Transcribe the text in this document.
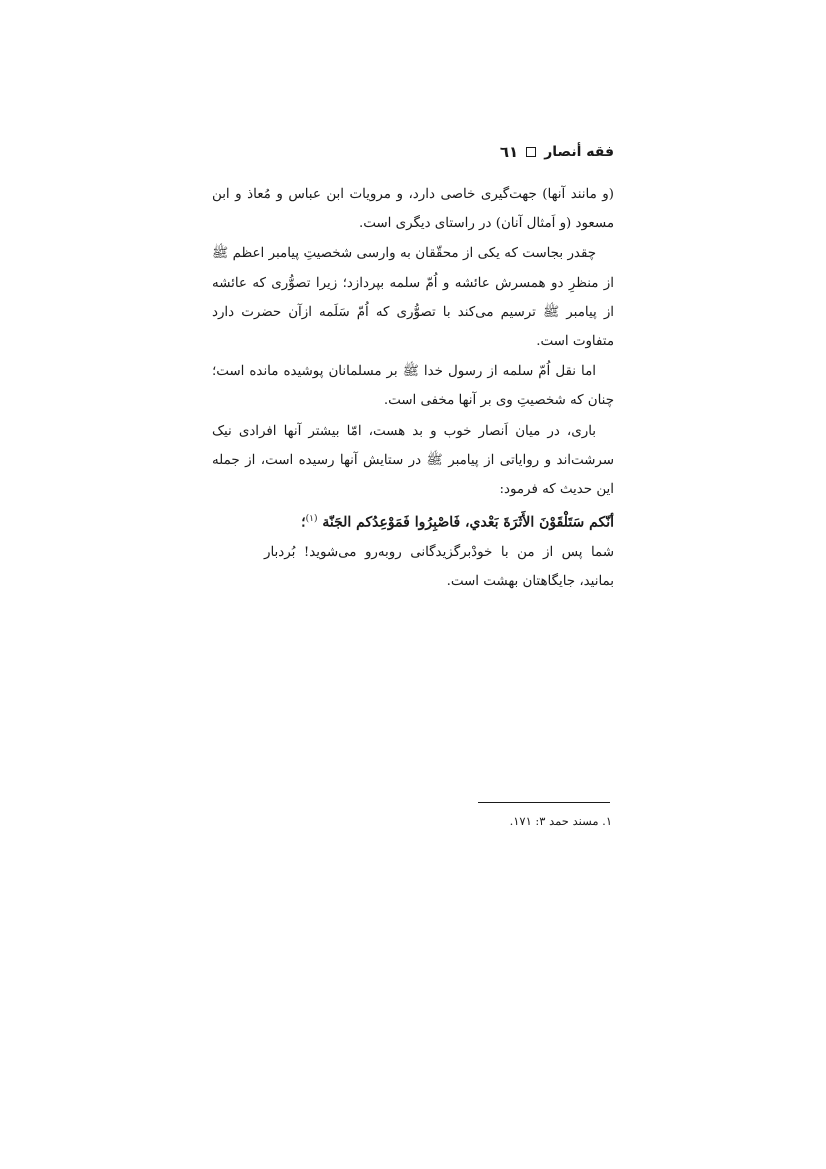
فقه أنصار
٦١

(و مانند آنها) جهت‌گیری خاصی دارد، و مرویات ابن عباس و مُعاذ و ابن مسعود (و اَمثال آنان) در راستای دیگری است.

چقدر بجاست که یکی از محقّقان به وارسی شخصیتِ پیامبر اعظم ﷺ از منظرِ دو همسرش عائشه و اُمّ سلمه بپردازد؛ زیرا تصوُّری که عائشه از پیامبر ﷺ ترسیم می‌کند با تصوُّری که اُمّ سَلَمه ازآن حضرت دارد متفاوت است.

اما نقل اُمّ سلمه از رسول خدا ﷺ بر مسلمانان پوشیده مانده است؛ چنان که شخصیتِ وی بر آنها مخفی است.

باری، در میان اَنصار خوب و بد هست، امّا بیشتر آنها افرادی نیک سرشت‌اند و روایاتی از پیامبر ﷺ در ستایش آنها رسیده است، از جمله این حدیث که فرمود:

أنّكم سَتَلْقَوْنَ الأَثَرَةَ بَعْدي، فَاصْبِرُوا فَمَوْعِدُكم الجَنّة $^{(١)}$؛

شما پس از من با خودْبرگزیدگانی روبه‌رو می‌شوید! بُردبار بمانید، جایگاهتان بهشت است.

١. مسند حمد ٣: ١٧١.
